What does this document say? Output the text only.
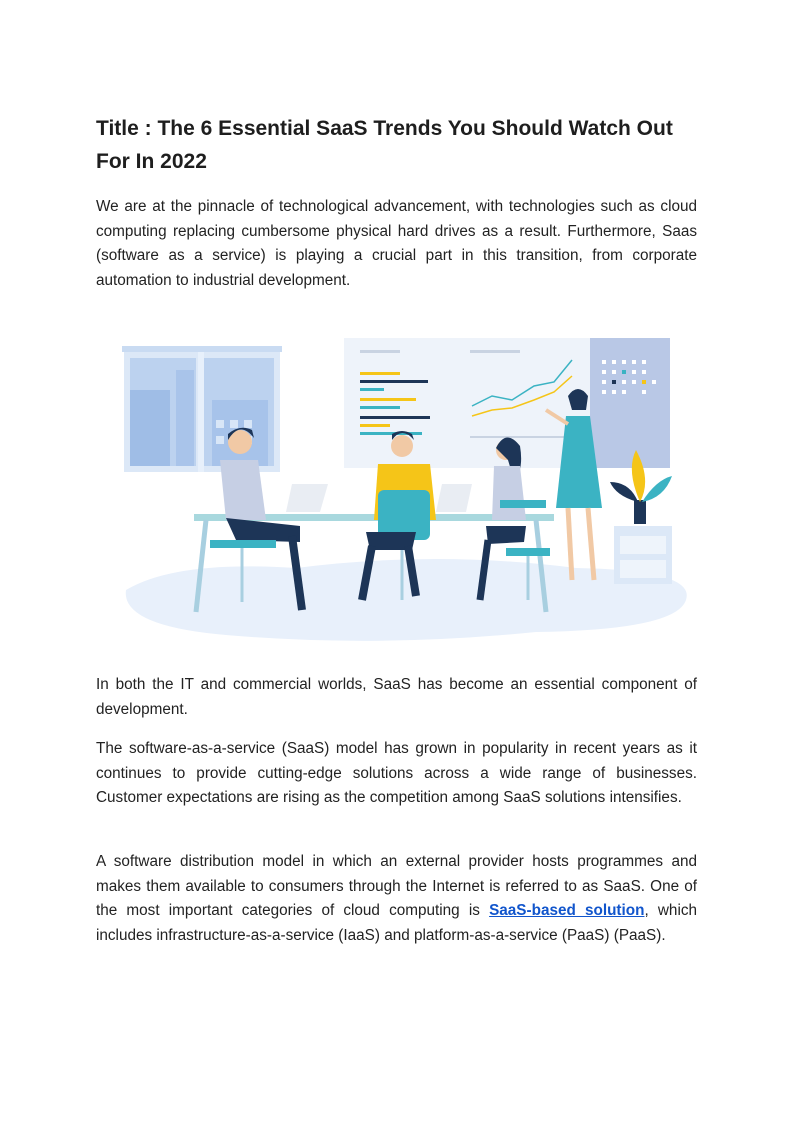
Title : The 6 Essential SaaS Trends You Should Watch Out For In 2022

We are at the pinnacle of technological advancement, with technologies such as cloud computing replacing cumbersome physical hard drives as a result. Furthermore, Saas (software as a service) is playing a crucial part in this transition, from corporate automation to industrial development.

In both the IT and commercial worlds, SaaS has become an essential component of development.

The software-as-a-service (SaaS) model has grown in popularity in recent years as it continues to provide cutting-edge solutions across a wide range of businesses. Customer expectations are rising as the competition among SaaS solutions intensifies.

A software distribution model in which an external provider hosts programmes and makes them available to consumers through the Internet is referred to as SaaS. One of the most important categories of cloud computing is SaaS-based solution, which includes infrastructure-as-a-service (IaaS) and platform-as-a-service (PaaS) (PaaS).
